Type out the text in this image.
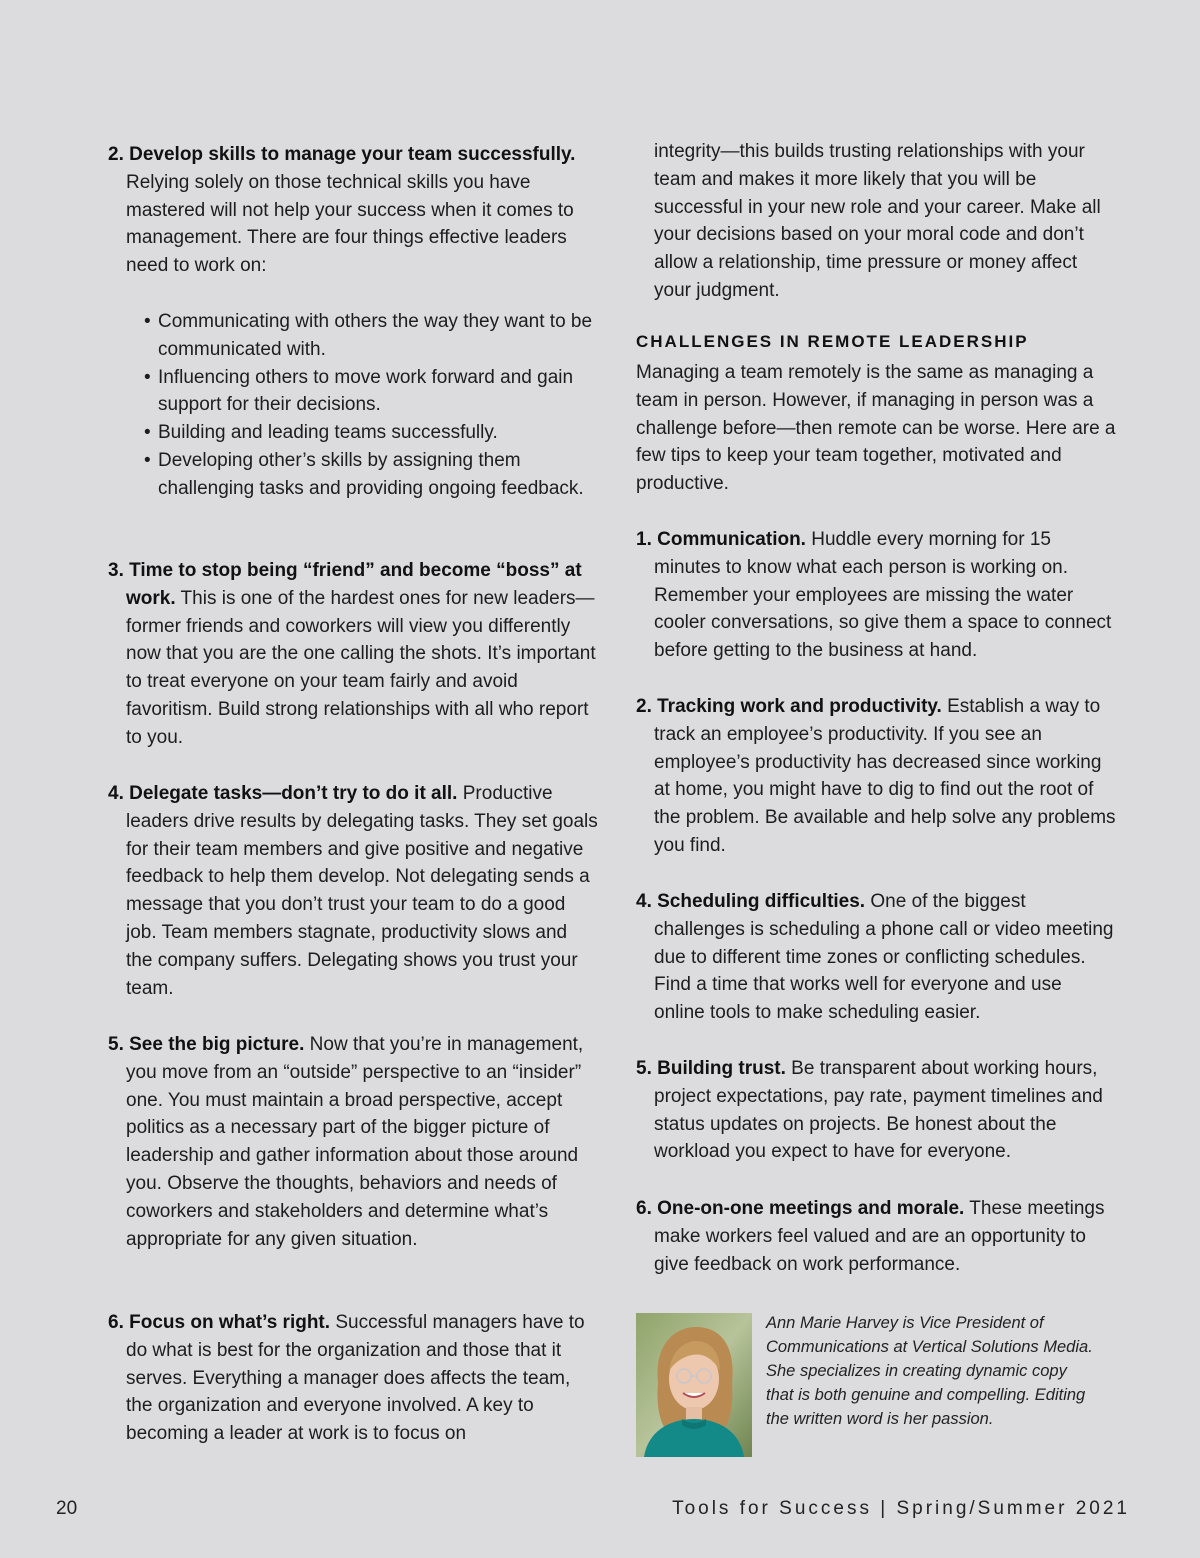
2. Develop skills to manage your team successfully.

Relying solely on those technical skills you have mastered will not help your success when it comes to management. There are four things effective leaders need to work on:

• Communicating with others the way they want to be communicated with.
• Influencing others to move work forward and gain support for their decisions.
• Building and leading teams successfully.
• Developing other’s skills by assigning them challenging tasks and providing ongoing feedback.

3. Time to stop being “friend” and become “boss” at work. This is one of the hardest ones for new leaders—former friends and coworkers will view you differently now that you are the one calling the shots. It’s important to treat everyone on your team fairly and avoid favoritism. Build strong relationships with all who report to you.

4. Delegate tasks—don’t try to do it all. Productive leaders drive results by delegating tasks. They set goals for their team members and give positive and negative feedback to help them develop. Not delegating sends a message that you don’t trust your team to do a good job. Team members stagnate, productivity slows and the company suffers. Delegating shows you trust your team.

5. See the big picture. Now that you’re in management, you move from an “outside” perspective to an “insider” one. You must maintain a broad perspective, accept politics as a necessary part of the bigger picture of leadership and gather information about those around you. Observe the thoughts, behaviors and needs of coworkers and stakeholders and determine what’s appropriate for any given situation.

6. Focus on what’s right. Successful managers have to do what is best for the organization and those that it serves. Everything a manager does affects the team, the organization and everyone involved. A key to becoming a leader at work is to focus on

integrity—this builds trusting relationships with your team and makes it more likely that you will be successful in your new role and your career. Make all your decisions based on your moral code and don’t allow a relationship, time pressure or money affect your judgment.

CHALLENGES IN REMOTE LEADERSHIP

Managing a team remotely is the same as managing a team in person. However, if managing in person was a challenge before—then remote can be worse. Here are a few tips to keep your team together, motivated and productive.

1. Communication. Huddle every morning for 15 minutes to know what each person is working on. Remember your employees are missing the water cooler conversations, so give them a space to connect before getting to the business at hand.

2. Tracking work and productivity. Establish a way to track an employee’s productivity. If you see an employee’s productivity has decreased since working at home, you might have to dig to find out the root of the problem. Be available and help solve any problems you find.

4. Scheduling difficulties. One of the biggest challenges is scheduling a phone call or video meeting due to different time zones or conflicting schedules. Find a time that works well for everyone and use online tools to make scheduling easier.

5. Building trust. Be transparent about working hours, project expectations, pay rate, payment timelines and status updates on projects. Be honest about the workload you expect to have for everyone.

6. One-on-one meetings and morale. These meetings make workers feel valued and are an opportunity to give feedback on work performance.

Ann Marie Harvey is Vice President of Communications at Vertical Solutions Media. She specializes in creating dynamic copy that is both genuine and compelling. Editing the written word is her passion.
20	Tools for Success | Spring/Summer 2021
